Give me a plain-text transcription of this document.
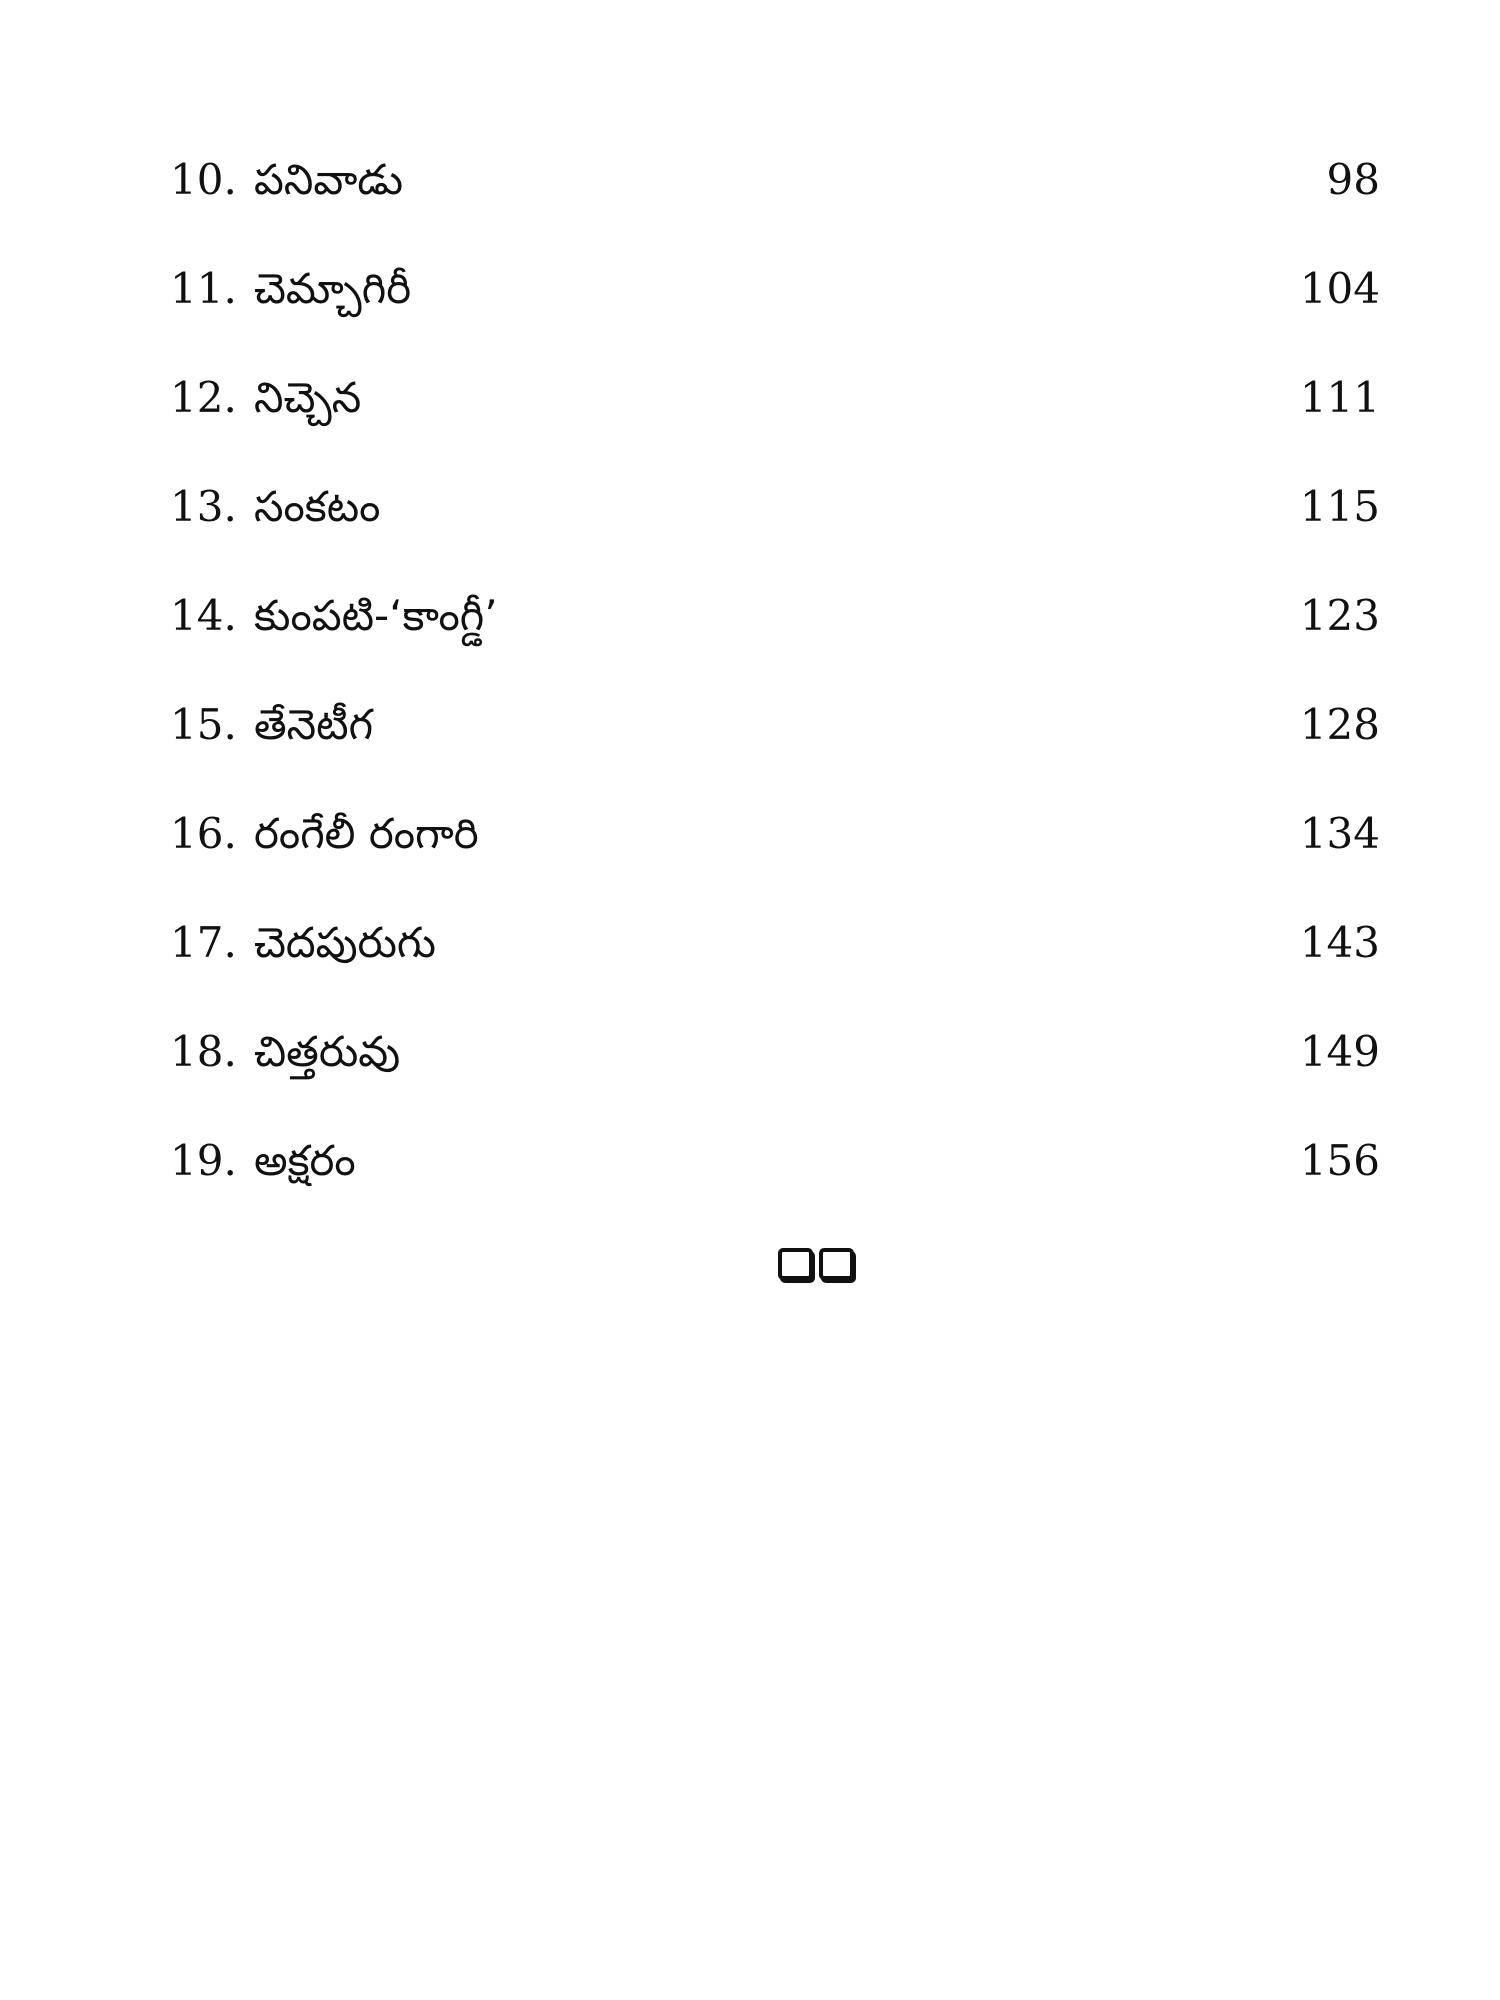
10. పనివాడు	98
11. చెమ్చాగిరీ	104
12. నిచ్చెన	111
13. సంకటం	115
14. కుంపటి-‘కాంగ్డీ’	123
15. తేనెటీగ	128
16. రంగేలీ రంగారి	134
17. చెదపురుగు	143
18. చిత్తరువు	149
19. అక్షరం	156
